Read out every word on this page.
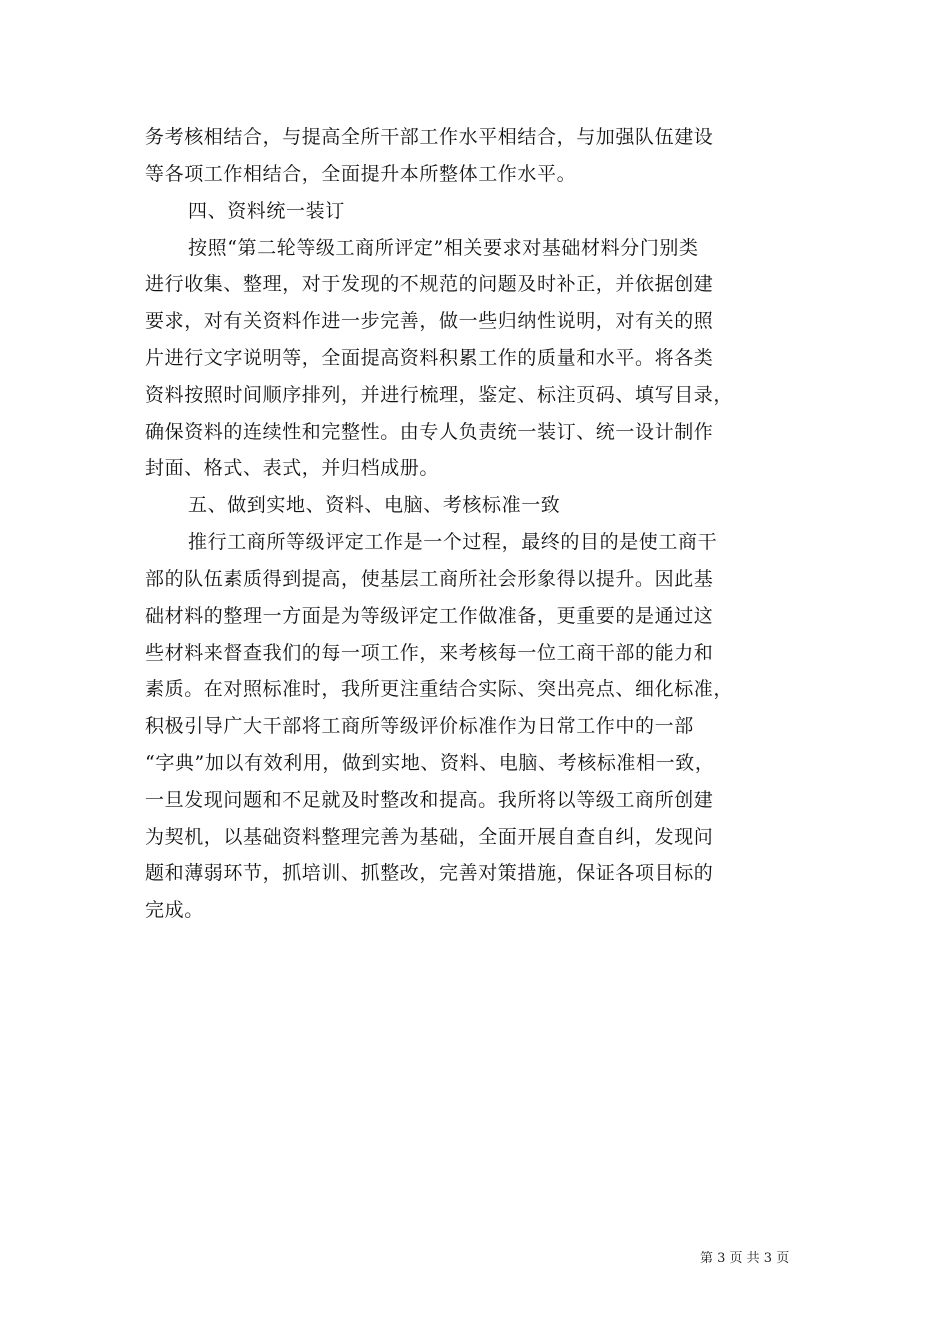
务考核相结合，与提高全所干部工作水平相结合，与加强队伍建设
等各项工作相结合，全面提升本所整体工作水平。
四、资料统一装订
按照“第二轮等级工商所评定”相关要求对基础材料分门别类
进行收集、整理，对于发现的不规范的问题及时补正，并依据创建
要求，对有关资料作进一步完善，做一些归纳性说明，对有关的照
片进行文字说明等，全面提高资料积累工作的质量和水平。将各类
资料按照时间顺序排列，并进行梳理，鉴定、标注页码、填写目录，
确保资料的连续性和完整性。由专人负责统一装订、统一设计制作
封面、格式、表式，并归档成册。
五、做到实地、资料、电脑、考核标准一致
推行工商所等级评定工作是一个过程，最终的目的是使工商干
部的队伍素质得到提高，使基层工商所社会形象得以提升。因此基
础材料的整理一方面是为等级评定工作做准备，更重要的是通过这
些材料来督查我们的每一项工作，来考核每一位工商干部的能力和
素质。在对照标准时，我所更注重结合实际、突出亮点、细化标准，
积极引导广大干部将工商所等级评价标准作为日常工作中的一部
“字典”加以有效利用，做到实地、资料、电脑、考核标准相一致，
一旦发现问题和不足就及时整改和提高。我所将以等级工商所创建
为契机，以基础资料整理完善为基础，全面开展自查自纠，发现问
题和薄弱环节，抓培训、抓整改，完善对策措施，保证各项目标的
完成。
第 3 页 共 3 页
